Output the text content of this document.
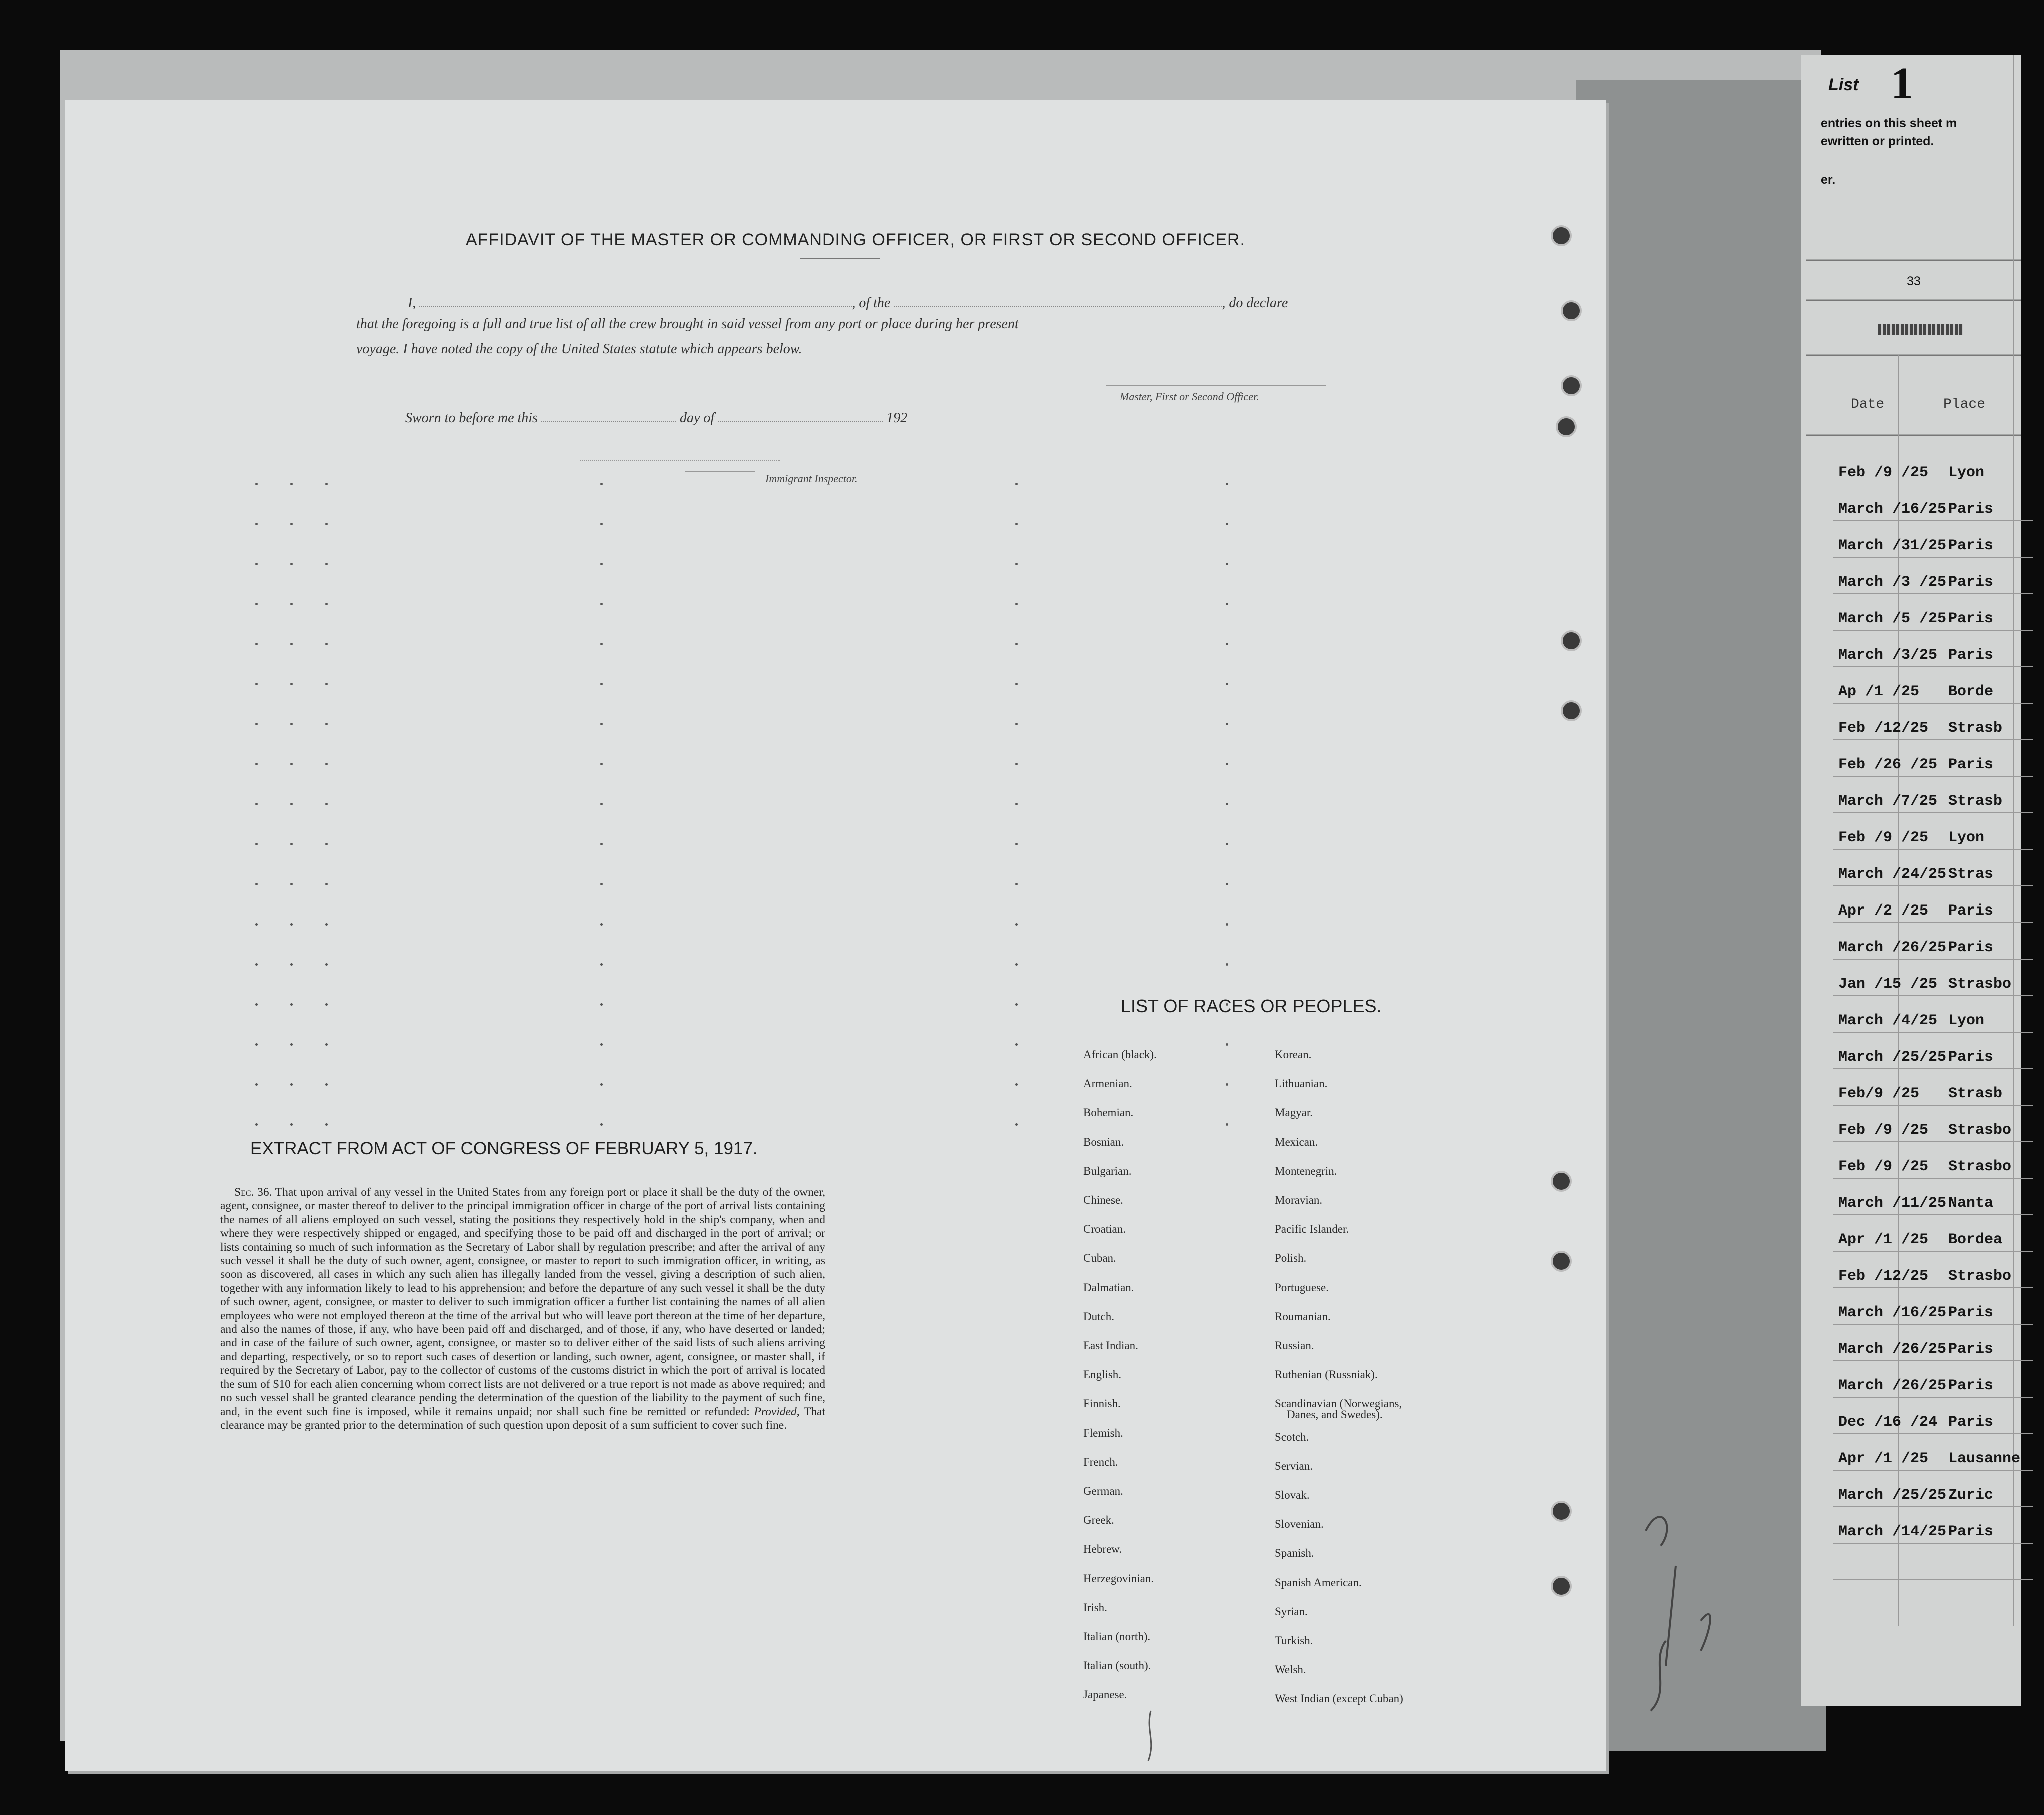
List 1
entries on this sheet m
ewritten or printed.
er.
33
Date	Place
Feb /9 /25 Lyon
March /16/25 Paris
March /31/25 Paris
March /3 /25 Paris
March /5 /25 Paris
March /3/25 Paris
Ap /1 /25 Borde
Feb /12/25 Strasb
Feb /26 /25 Paris
March /7/25 Strasb
Feb /9 /25 Lyon
March /24/25 Stras
Apr /2 /25 Paris
March /26/25 Paris
Jan /15 /25 Strasbo
March /4/25 Lyon
March /25/25 Paris
Feb/9 /25 Strasb
Feb /9 /25 Strasbo
Feb /9 /25 Strasbo
March /11/25 Nanta
Apr /1 /25 Bordea
Feb /12/25 Strasbo
March /16/25 Paris
March /26/25 Paris
March /26/25 Paris
Dec /16 /24 Paris
Apr /1 /25 Lausanne
March /25/25 Zuric
March /14/25 Paris
AFFIDAVIT OF THE MASTER OR COMMANDING OFFICER, OR FIRST OR SECOND OFFICER.
I,	, of the	, do declare
that the foregoing is a full and true list of all the crew brought in said vessel from any port or place during her present
voyage. I have noted the copy of the United States statute which appears below.
Master, First or Second Officer.
Sworn to before me this	day of	192
Immigrant Inspector.
EXTRACT FROM ACT OF CONGRESS OF FEBRUARY 5, 1917.
Sec. 36. That upon arrival of any vessel in the United States from any foreign port or place it shall be the duty of the owner, agent, consignee, or master thereof to deliver to the principal immigration officer in charge of the port of arrival lists containing the names of all aliens employed on such vessel, stating the positions they respectively hold in the ship's company, when and where they were respectively shipped or engaged, and specifying those to be paid off and discharged in the port of arrival; or lists containing so much of such information as the Secretary of Labor shall by regulation prescribe; and after the arrival of any such vessel it shall be the duty of such owner, agent, consignee, or master to report to such immigration officer, in writing, as soon as discovered, all cases in which any such alien has illegally landed from the vessel, giving a description of such alien, together with any information likely to lead to his apprehension; and before the departure of any such vessel it shall be the duty of such owner, agent, consignee, or master to deliver to such immigration officer a further list containing the names of all alien employees who were not employed thereon at the time of the arrival but who will leave port thereon at the time of her departure, and also the names of those, if any, who have been paid off and discharged, and of those, if any, who have deserted or landed; and in case of the failure of such owner, agent, consignee, or master so to deliver either of the said lists of such aliens arriving and departing, respectively, or so to report such cases of desertion or landing, such owner, agent, consignee, or master shall, if required by the Secretary of Labor, pay to the collector of customs of the customs district in which the port of arrival is located the sum of $10 for each alien concerning whom correct lists are not delivered or a true report is not made as above required; and no such vessel shall be granted clearance pending the determination of the question of the liability to the payment of such fine, and, in the event such fine is imposed, while it remains unpaid; nor shall such fine be remitted or refunded: Provided, That clearance may be granted prior to the determination of such question upon deposit of a sum sufficient to cover such fine.
LIST OF RACES OR PEOPLES.
African (black).
Armenian.
Bohemian.
Bosnian.
Bulgarian.
Chinese.
Croatian.
Cuban.
Dalmatian.
Dutch.
East Indian.
English.
Finnish.
Flemish.
French.
German.
Greek.
Hebrew.
Herzegovinian.
Irish.
Italian (north).
Italian (south).
Japanese.
Korean.
Lithuanian.
Magyar.
Mexican.
Montenegrin.
Moravian.
Pacific Islander.
Polish.
Portuguese.
Roumanian.
Russian.
Ruthenian (Russniak).
Scandinavian (Norwegians,
Scotch.
Servian.
Slovak.
Slovenian.
Spanish.
Spanish American.
Syrian.
Turkish.
Welsh.
West Indian (except Cuban)
Danes, and Swedes).
